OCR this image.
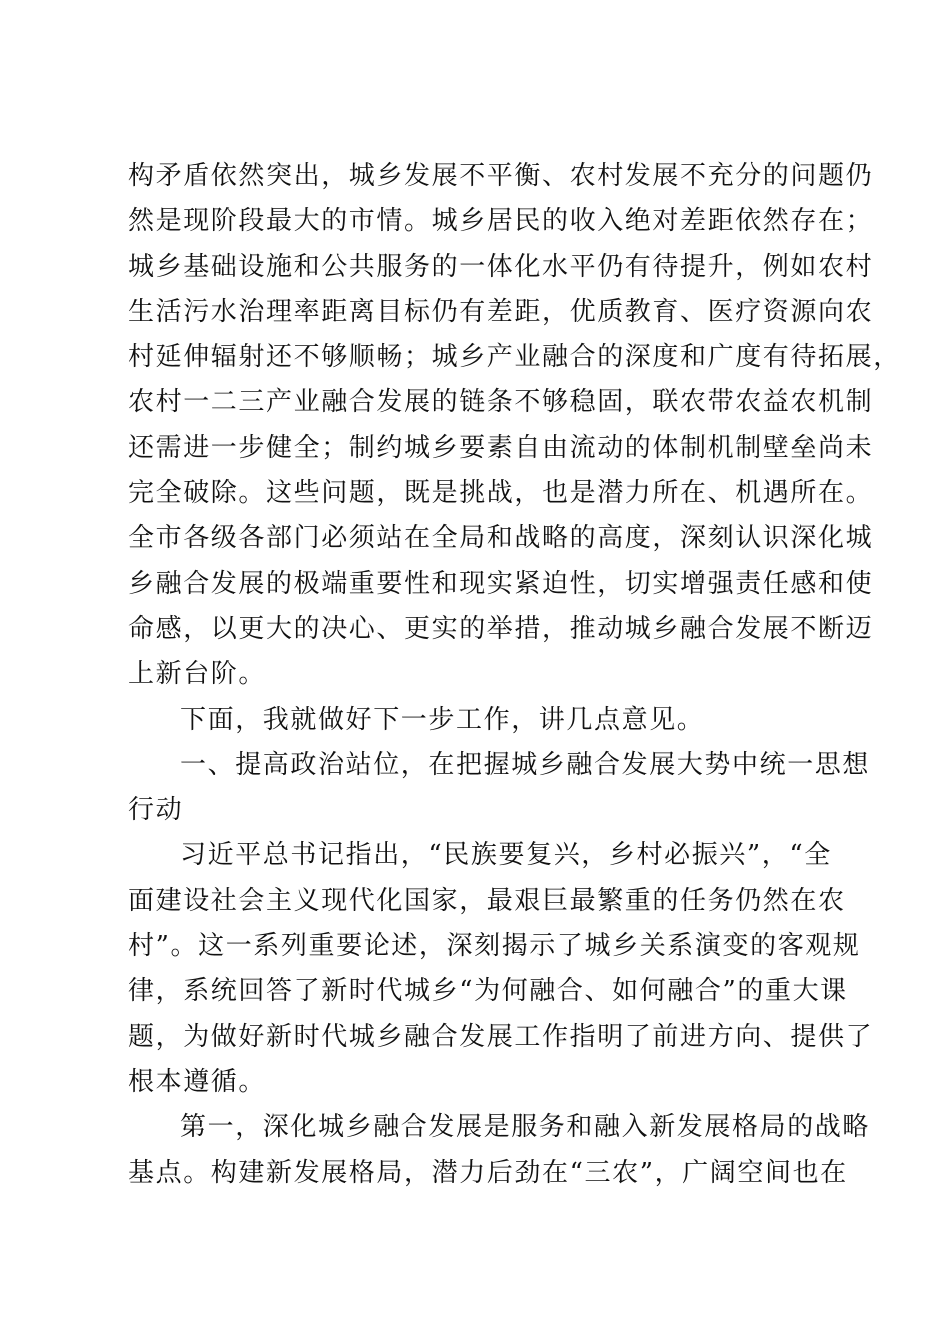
构矛盾依然突出，城乡发展不平衡、农村发展不充分的问题仍
然是现阶段最大的市情。城乡居民的收入绝对差距依然存在；
城乡基础设施和公共服务的一体化水平仍有待提升，例如农村
生活污水治理率距离目标仍有差距，优质教育、医疗资源向农
村延伸辐射还不够顺畅；城乡产业融合的深度和广度有待拓展，
农村一二三产业融合发展的链条不够稳固，联农带农益农机制
还需进一步健全；制约城乡要素自由流动的体制机制壁垒尚未
完全破除。这些问题，既是挑战，也是潜力所在、机遇所在。
全市各级各部门必须站在全局和战略的高度，深刻认识深化城
乡融合发展的极端重要性和现实紧迫性，切实增强责任感和使
命感，以更大的决心、更实的举措，推动城乡融合发展不断迈
上新台阶。
下面，我就做好下一步工作，讲几点意见。
一、提高政治站位，在把握城乡融合发展大势中统一思想
行动
习近平总书记指出，“民族要复兴，乡村必振兴”，“全
面建设社会主义现代化国家，最艰巨最繁重的任务仍然在农
村”。这一系列重要论述，深刻揭示了城乡关系演变的客观规
律，系统回答了新时代城乡“为何融合、如何融合”的重大课
题，为做好新时代城乡融合发展工作指明了前进方向、提供了
根本遵循。
第一，深化城乡融合发展是服务和融入新发展格局的战略
基点。构建新发展格局，潜力后劲在“三农”，广阔空间也在
